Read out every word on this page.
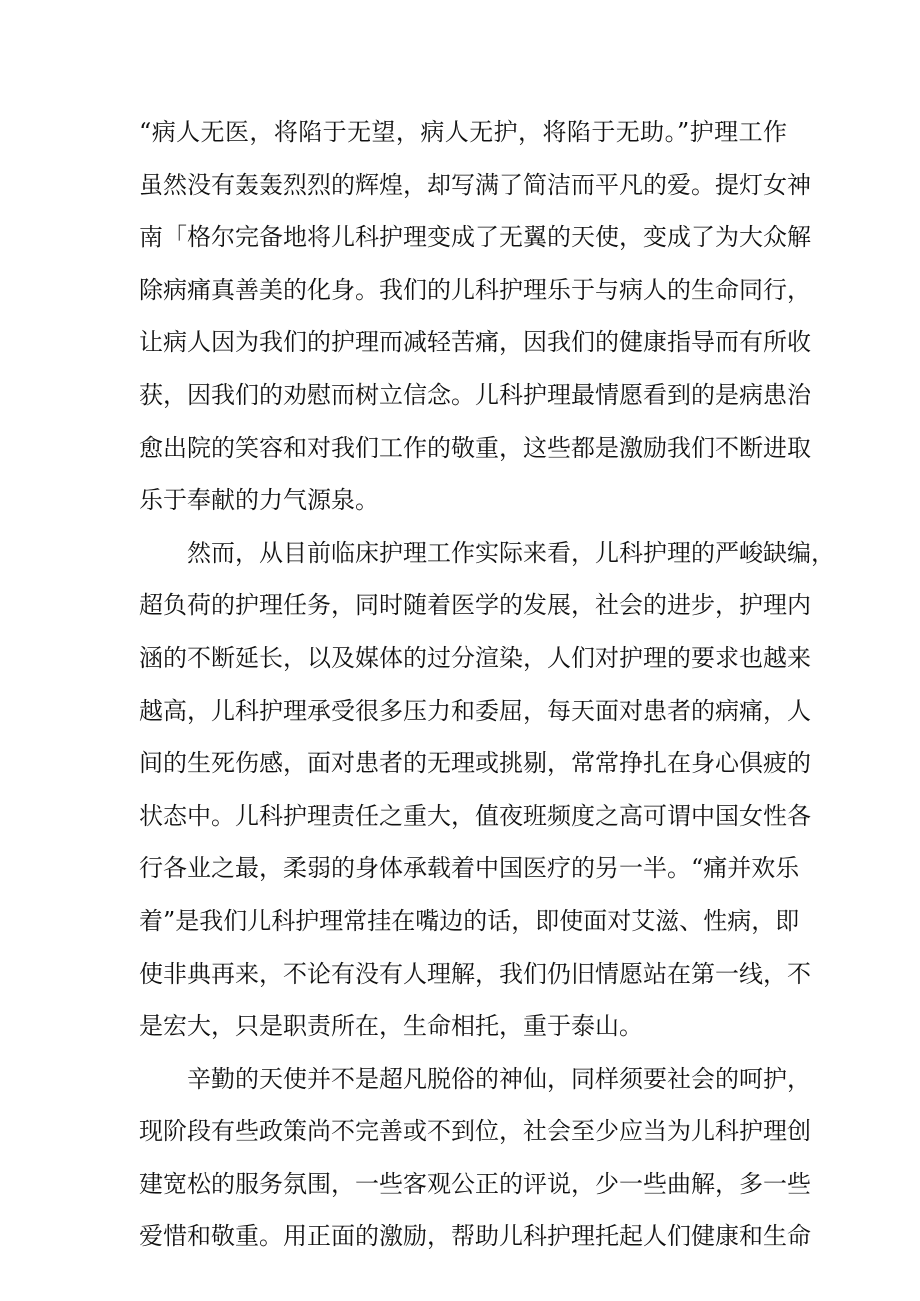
“病人无医，将陷于无望，病人无护，将陷于无助。”护理工作
虽然没有轰轰烈烈的辉煌，却写满了简洁而平凡的爱。提灯女神
南「格尔完备地将儿科护理变成了无翼的天使，变成了为大众解
除病痛真善美的化身。我们的儿科护理乐于与病人的生命同行，
让病人因为我们的护理而减轻苦痛，因我们的健康指导而有所收
获，因我们的劝慰而树立信念。儿科护理最情愿看到的是病患治
愈出院的笑容和对我们工作的敬重，这些都是激励我们不断进取
乐于奉献的力气源泉。
然而，从目前临床护理工作实际来看，儿科护理的严峻缺编，
超负荷的护理任务，同时随着医学的发展，社会的进步，护理内
涵的不断延长，以及媒体的过分渲染，人们对护理的要求也越来
越高，儿科护理承受很多压力和委屈，每天面对患者的病痛，人
间的生死伤感，面对患者的无理或挑剔，常常挣扎在身心俱疲的
状态中。儿科护理责任之重大，值夜班频度之高可谓中国女性各
行各业之最，柔弱的身体承载着中国医疗的另一半。“痛并欢乐
着”是我们儿科护理常挂在嘴边的话，即使面对艾滋、性病，即
使非典再来，不论有没有人理解，我们仍旧情愿站在第一线，不
是宏大，只是职责所在，生命相托，重于泰山。
辛勤的天使并不是超凡脱俗的神仙，同样须要社会的呵护，
现阶段有些政策尚不完善或不到位，社会至少应当为儿科护理创
建宽松的服务氛围，一些客观公正的评说，少一些曲解，多一些
爱惜和敬重。用正面的激励，帮助儿科护理托起人们健康和生命
